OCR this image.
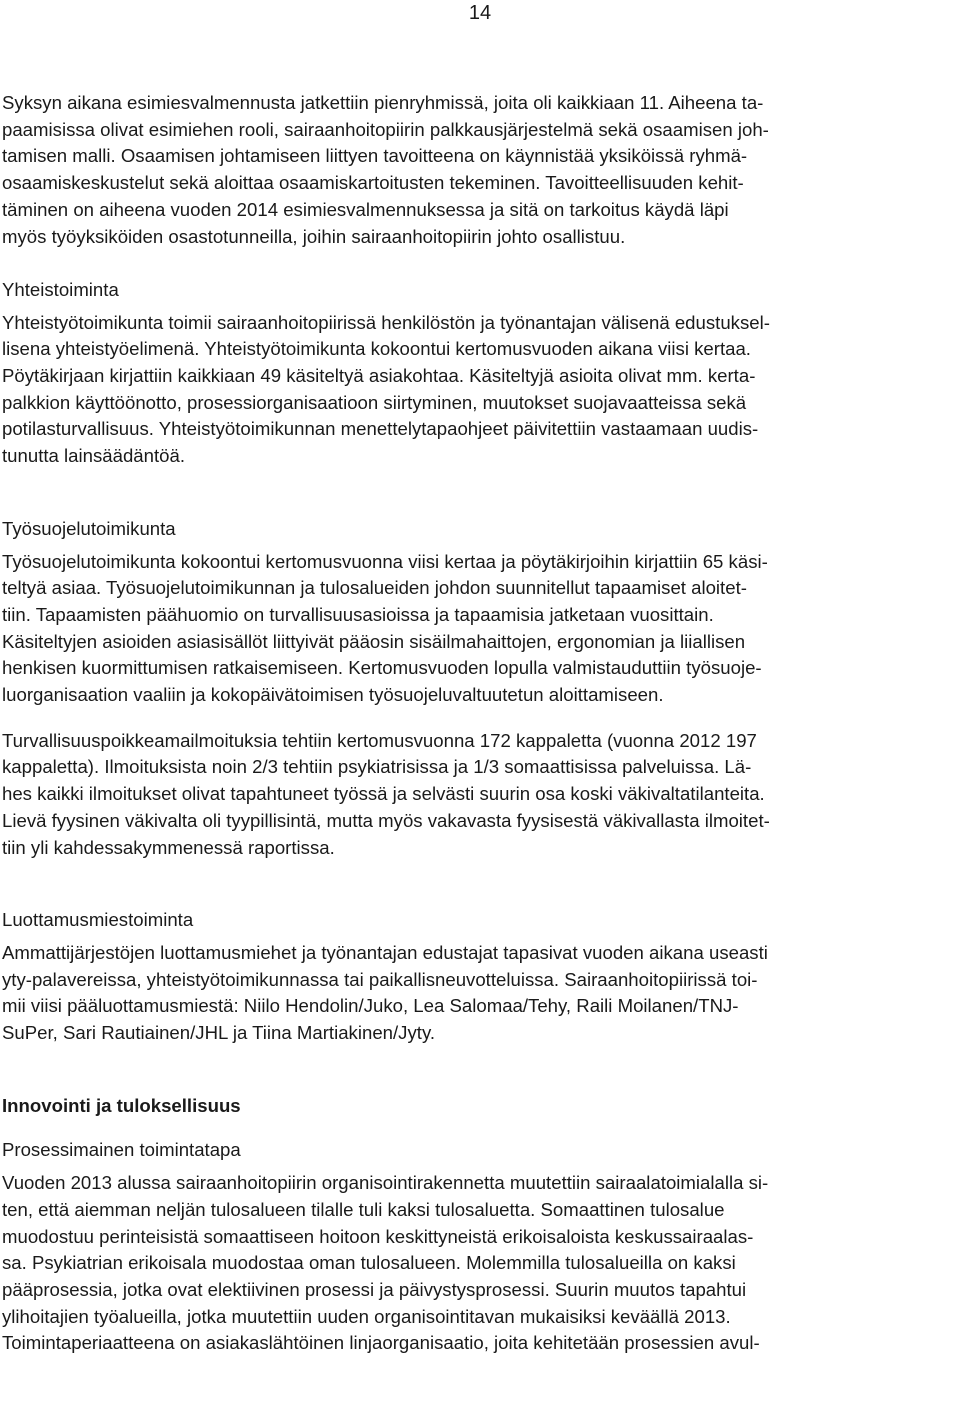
14
Syksyn aikana esimiesvalmennusta jatkettiin pienryhmissä, joita oli kaikkiaan 11. Aiheena ta-
paamisissa olivat esimiehen rooli, sairaanhoitopiirin palkkausjärjestelmä sekä osaamisen joh-
tamisen malli. Osaamisen johtamiseen liittyen tavoitteena on käynnistää yksiköissä ryhmä-
osaamiskeskustelut sekä aloittaa osaamiskartoitusten tekeminen. Tavoitteellisuuden kehit-
täminen on aiheena vuoden 2014 esimiesvalmennuksessa ja sitä on tarkoitus käydä läpi
myös työyksiköiden osastotunneilla, joihin sairaanhoitopiirin johto osallistuu.
Yhteistoiminta
Yhteistyötoimikunta toimii sairaanhoitopiirissä henkilöstön ja työnantajan välisenä edustuksel-
lisena yhteistyöelimenä. Yhteistyötoimikunta kokoontui kertomusvuoden aikana viisi kertaa.
Pöytäkirjaan kirjattiin kaikkiaan 49 käsiteltyä asiakohtaa. Käsiteltyjä asioita olivat mm. kerta-
palkkion käyttöönotto, prosessiorganisaatioon siirtyminen, muutokset suojavaatteissa sekä
potilasturvallisuus. Yhteistyötoimikunnan menettelytapaohjeet päivitettiin vastaamaan uudis-
tunutta lainsäädäntöä.
Työsuojelutoimikunta
Työsuojelutoimikunta kokoontui kertomusvuonna viisi kertaa ja pöytäkirjoihin kirjattiin 65 käsi-
teltyä asiaa. Työsuojelutoimikunnan ja tulosalueiden johdon suunnitellut tapaamiset aloitet-
tiin. Tapaamisten päähuomio on turvallisuusasioissa ja tapaamisia jatketaan vuosittain.
Käsiteltyjen asioiden asiasisällöt liittyivät pääosin sisäilmahaittojen, ergonomian ja liiallisen
henkisen kuormittumisen ratkaisemiseen. Kertomusvuoden lopulla valmistauduttiin työsuoje-
luorganisaation vaaliin ja kokopäivätoimisen työsuojeluvaltuutetun aloittamiseen.
Turvallisuuspoikkeamailmoituksia tehtiin kertomusvuonna 172 kappaletta (vuonna 2012 197
kappaletta). Ilmoituksista noin 2/3 tehtiin psykiatrisissa ja 1/3 somaattisissa palveluissa. Lä-
hes kaikki ilmoitukset olivat tapahtuneet työssä ja selvästi suurin osa koski väkivaltatilanteita.
Lievä fyysinen väkivalta oli tyypillisintä, mutta myös vakavasta fyysisestä väkivallasta ilmoitet-
tiin yli kahdessakymmenessä raportissa.
Luottamusmiestoiminta
Ammattijärjestöjen luottamusmiehet ja työnantajan edustajat tapasivat vuoden aikana useasti
yty-palavereissa, yhteistyötoimikunnassa tai paikallisneuvotteluissa. Sairaanhoitopiirissä toi-
mii viisi pääluottamusmiestä: Niilo Hendolin/Juko, Lea Salomaa/Tehy, Raili Moilanen/TNJ-
SuPer, Sari Rautiainen/JHL ja Tiina Martiakinen/Jyty.
Innovointi ja tuloksellisuus
Prosessimainen toimintatapa
Vuoden 2013 alussa sairaanhoitopiirin organisointirakennetta muutettiin sairaalatoimialalla si-
ten, että aiemman neljän tulosalueen tilalle tuli kaksi tulosaluetta. Somaattinen tulosalue
muodostuu perinteisistä somaattiseen hoitoon keskittyneistä erikoisaloista keskussairaalas-
sa. Psykiatrian erikoisala muodostaa oman tulosalueen. Molemmilla tulosalueilla on kaksi
pääprosessia, jotka ovat elektiivinen prosessi ja päivystysprosessi. Suurin muutos tapahtui
ylihoitajien työalueilla, jotka muutettiin uuden organisointitavan mukaisiksi keväällä 2013.
Toimintaperiaatteena on asiakaslähtöinen linjaorganisaatio, joita kehitetään prosessien avul-
